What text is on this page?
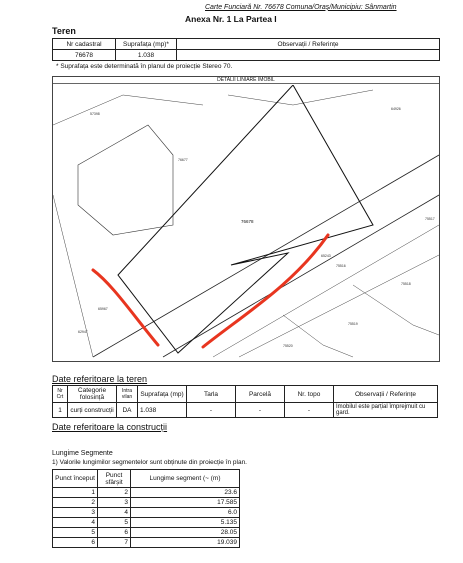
Carte Funciară Nr. 76678 Comuna/Oraș/Municipiu: Sânmartin
Anexa Nr. 1 La Partea I
Teren
Nr cadastral	Suprafața (mp)*	Observații / Referințe
76678	1.038	
* Suprafața este determinată în planul de proiecție Stereo 70.
DETALII LINIARE IMOBIL
57398
76677
64926
76678	75517
65243
75516
75518
65967
62947
75519
75520
Date referitoare la teren
Nr Crt	Categorie folosință	Intra vilan	Suprafața (mp)	Tarla	Parcelă	Nr. topo	Observații / Referințe
1	curți construcții	DA	1.038	-	-	-	Imobilul este parțial împrejmuit cu gard.
Date referitoare la construcții
Lungime Segmente
1) Valorile lungimilor segmentelor sunt obținute din proiecție în plan.
Punct început	Punct sfârșit	Lungime segment (~ (m)
1	2	23.6
2	3	17.585
3	4	6.0
4	5	5.135
5	6	28.05
6	7	19.039
